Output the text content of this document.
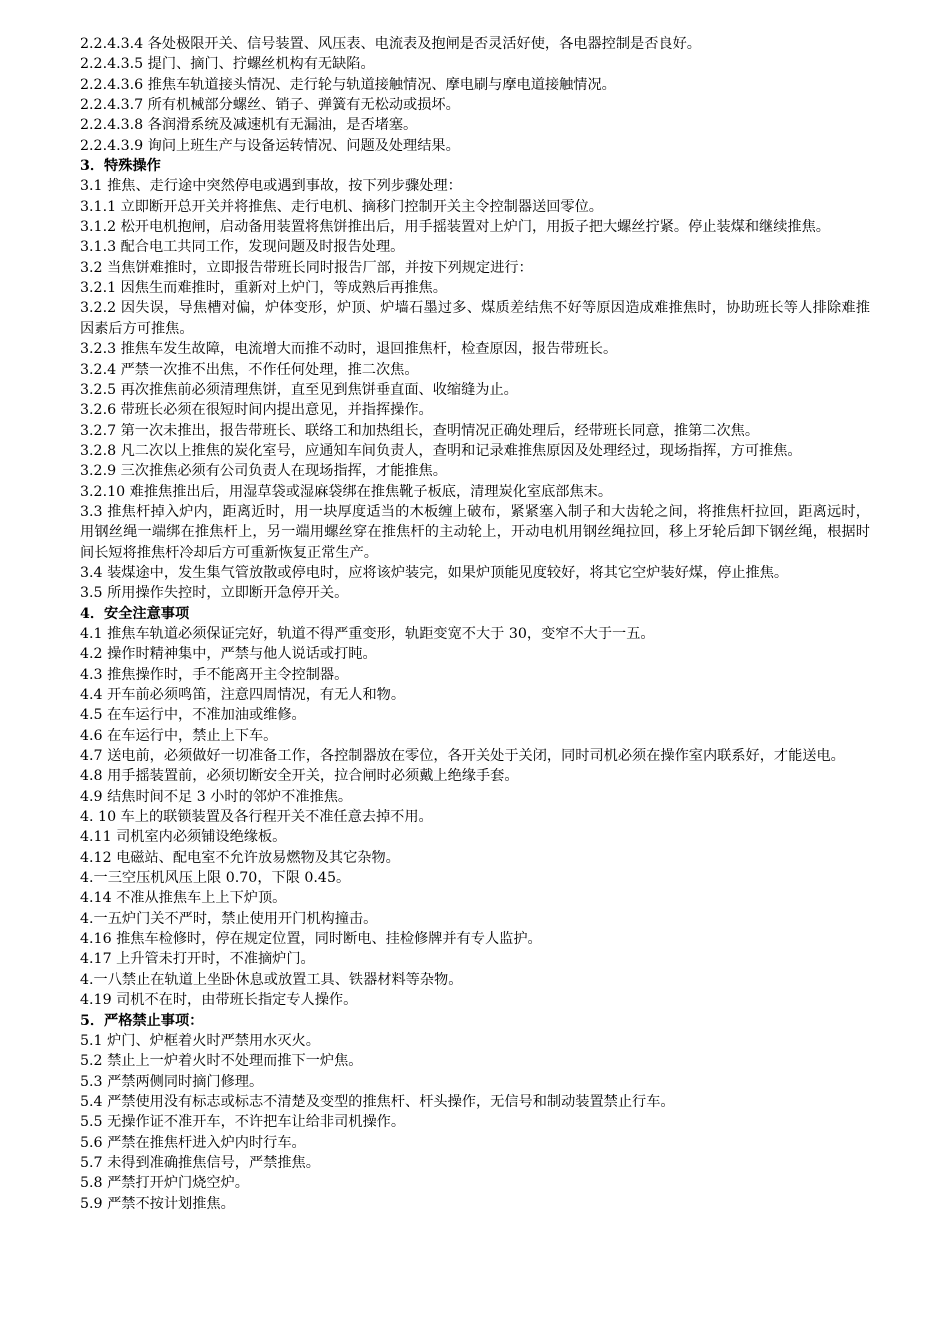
2.2.4.3.4 各处极限开关、信号装置、风压表、电流表及抱闸是否灵活好使，各电器控制是否良好。

2.2.4.3.5 提门、摘门、拧螺丝机构有无缺陷。

2.2.4.3.6 推焦车轨道接头情况、走行轮与轨道接触情况、摩电刷与摩电道接触情况。

2.2.4.3.7 所有机械部分螺丝、销子、弹簧有无松动或损坏。

2.2.4.3.8 各润滑系统及减速机有无漏油，是否堵塞。

2.2.4.3.9 询问上班生产与设备运转情况、问题及处理结果。

3．特殊操作

3.1 推焦、走行途中突然停电或遇到事故，按下列步骤处理：

3.1.1 立即断开总开关并将推焦、走行电机、摘移门控制开关主令控制器送回零位。

3.1.2 松开电机抱闸，启动备用装置将焦饼推出后，用手摇装置对上炉门，用扳子把大螺丝拧紧。停止装煤和继续推焦。

3.1.3 配合电工共同工作，发现问题及时报告处理。

3.2 当焦饼难推时，立即报告带班长同时报告厂部，并按下列规定进行：

3.2.1 因焦生而难推时，重新对上炉门，等成熟后再推焦。

3.2.2 因失误，导焦槽对偏，炉体变形，炉顶、炉墙石墨过多、煤质差结焦不好等原因造成难推焦时，协助班长等人排除难推因素后方可推焦。

3.2.3 推焦车发生故障，电流增大而推不动时，退回推焦杆，检查原因，报告带班长。

3.2.4 严禁一次推不出焦，不作任何处理，推二次焦。

3.2.5 再次推焦前必须清理焦饼，直至见到焦饼垂直面、收缩缝为止。

3.2.6 带班长必须在很短时间内提出意见，并指挥操作。

3.2.7 第一次未推出，报告带班长、联络工和加热组长，查明情况正确处理后，经带班长同意，推第二次焦。

3.2.8 凡二次以上推焦的炭化室号，应通知车间负责人，查明和记录难推焦原因及处理经过，现场指挥，方可推焦。

3.2.9 三次推焦必须有公司负责人在现场指挥，才能推焦。

3.2.10 难推焦推出后，用湿草袋或湿麻袋绑在推焦靴子板底，清理炭化室底部焦末。

3.3 推焦杆掉入炉内，距离近时，用一块厚度适当的木板缠上破布，紧紧塞入制子和大齿轮之间，将推焦杆拉回，距离远时，用钢丝绳一端绑在推焦杆上，另一端用螺丝穿在推焦杆的主动轮上，开动电机用钢丝绳拉回，移上牙轮后卸下钢丝绳，根据时间长短将推焦杆冷却后方可重新恢复正常生产。

3.4 装煤途中，发生集气管放散或停电时，应将该炉装完，如果炉顶能见度较好，将其它空炉装好煤，停止推焦。

3.5 所用操作失控时，立即断开急停开关。

4．安全注意事项

4.1 推焦车轨道必须保证完好，轨道不得严重变形，轨距变宽不大于 30，变窄不大于一五。

4.2 操作时精神集中，严禁与他人说话或打盹。

4.3 推焦操作时，手不能离开主令控制器。

4.4 开车前必须鸣笛，注意四周情况，有无人和物。

4.5 在车运行中，不准加油或维修。

4.6 在车运行中，禁止上下车。

4.7 送电前，必须做好一切准备工作，各控制器放在零位，各开关处于关闭，同时司机必须在操作室内联系好，才能送电。

4.8 用手摇装置前，必须切断安全开关，拉合闸时必须戴上绝缘手套。

4.9 结焦时间不足 3 小时的邻炉不准推焦。

4. 10 车上的联锁装置及各行程开关不准任意去掉不用。

4.11 司机室内必须铺设绝缘板。

4.12 电磁站、配电室不允许放易燃物及其它杂物。

4.一三空压机风压上限 0.70，下限 0.45。

4.14 不准从推焦车上上下炉顶。

4.一五炉门关不严时，禁止使用开门机构撞击。

4.16 推焦车检修时，停在规定位置，同时断电、挂检修牌并有专人监护。

4.17 上升管未打开时，不准摘炉门。

4.一八禁止在轨道上坐卧休息或放置工具、铁器材料等杂物。

4.19 司机不在时，由带班长指定专人操作。

5．严格禁止事项：

5.1 炉门、炉框着火时严禁用水灭火。

5.2 禁止上一炉着火时不处理而推下一炉焦。

5.3 严禁两侧同时摘门修理。

5.4 严禁使用没有标志或标志不清楚及变型的推焦杆、杆头操作，无信号和制动装置禁止行车。

5.5 无操作证不准开车，不许把车让给非司机操作。

5.6 严禁在推焦杆进入炉内时行车。

5.7 未得到准确推焦信号，严禁推焦。

5.8 严禁打开炉门烧空炉。

5.9 严禁不按计划推焦。
